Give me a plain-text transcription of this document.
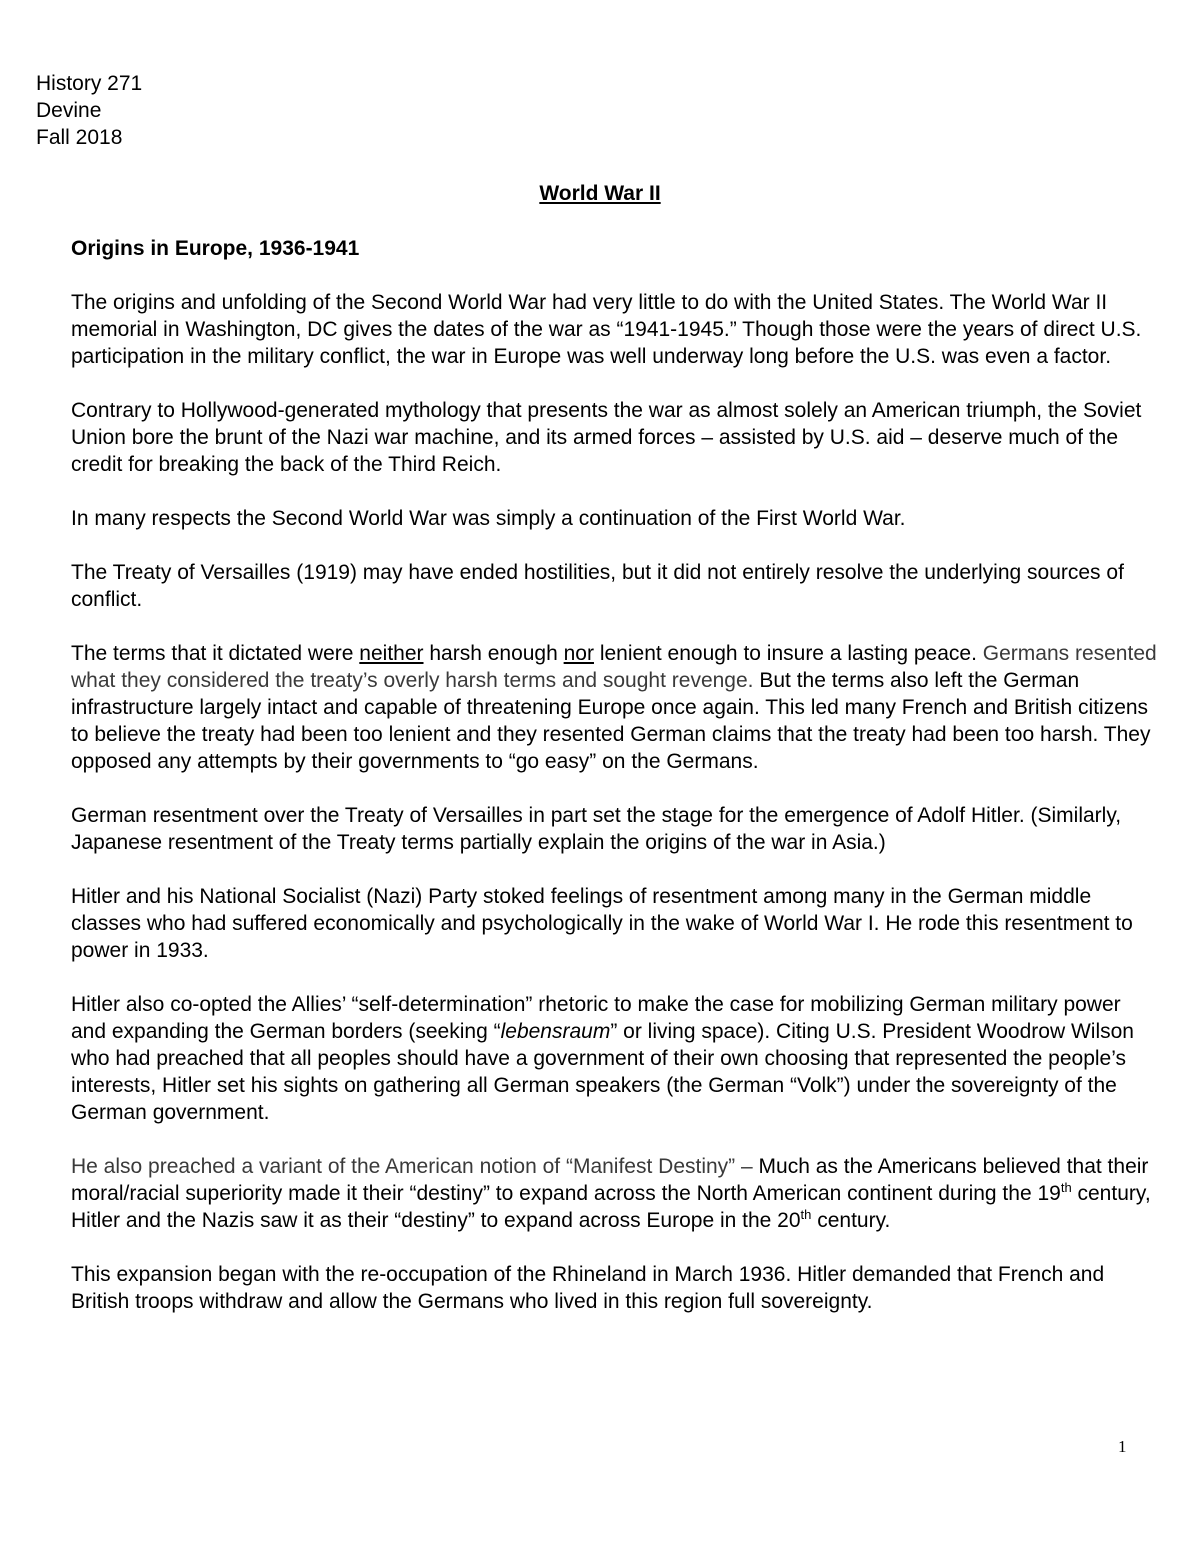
History 271
Devine
Fall 2018
World War II
Origins in Europe, 1936-1941
The origins and unfolding of the Second World War had very little to do with the United States. The World War II memorial in Washington, DC gives the dates of the war as “1941-1945.” Though those were the years of direct U.S. participation in the military conflict, the war in Europe was well underway long before the U.S. was even a factor.
Contrary to Hollywood-generated mythology that presents the war as almost solely an American triumph, the Soviet Union bore the brunt of the Nazi war machine, and its armed forces – assisted by U.S. aid – deserve much of the credit for breaking the back of the Third Reich.
In many respects the Second World War was simply a continuation of the First World War.
The Treaty of Versailles (1919) may have ended hostilities, but it did not entirely resolve the underlying sources of conflict.
The terms that it dictated were neither harsh enough nor lenient enough to insure a lasting peace. Germans resented what they considered the treaty’s overly harsh terms and sought revenge. But the terms also left the German infrastructure largely intact and capable of threatening Europe once again. This led many French and British citizens to believe the treaty had been too lenient and they resented German claims that the treaty had been too harsh. They opposed any attempts by their governments to “go easy” on the Germans.
German resentment over the Treaty of Versailles in part set the stage for the emergence of Adolf Hitler. (Similarly, Japanese resentment of the Treaty terms partially explain the origins of the war in Asia.)
Hitler and his National Socialist (Nazi) Party stoked feelings of resentment among many in the German middle classes who had suffered economically and psychologically in the wake of World War I. He rode this resentment to power in 1933.
Hitler also co-opted the Allies’ “self-determination” rhetoric to make the case for mobilizing German military power and expanding the German borders (seeking “lebensraum” or living space). Citing U.S. President Woodrow Wilson who had preached that all peoples should have a government of their own choosing that represented the people’s interests, Hitler set his sights on gathering all German speakers (the German “Volk”) under the sovereignty of the German government.
He also preached a variant of the American notion of “Manifest Destiny” – Much as the Americans believed that their moral/racial superiority made it their “destiny” to expand across the North American continent during the 19th century, Hitler and the Nazis saw it as their “destiny” to expand across Europe in the 20th century.
This expansion began with the re-occupation of the Rhineland in March 1936. Hitler demanded that French and British troops withdraw and allow the Germans who lived in this region full sovereignty.
1
